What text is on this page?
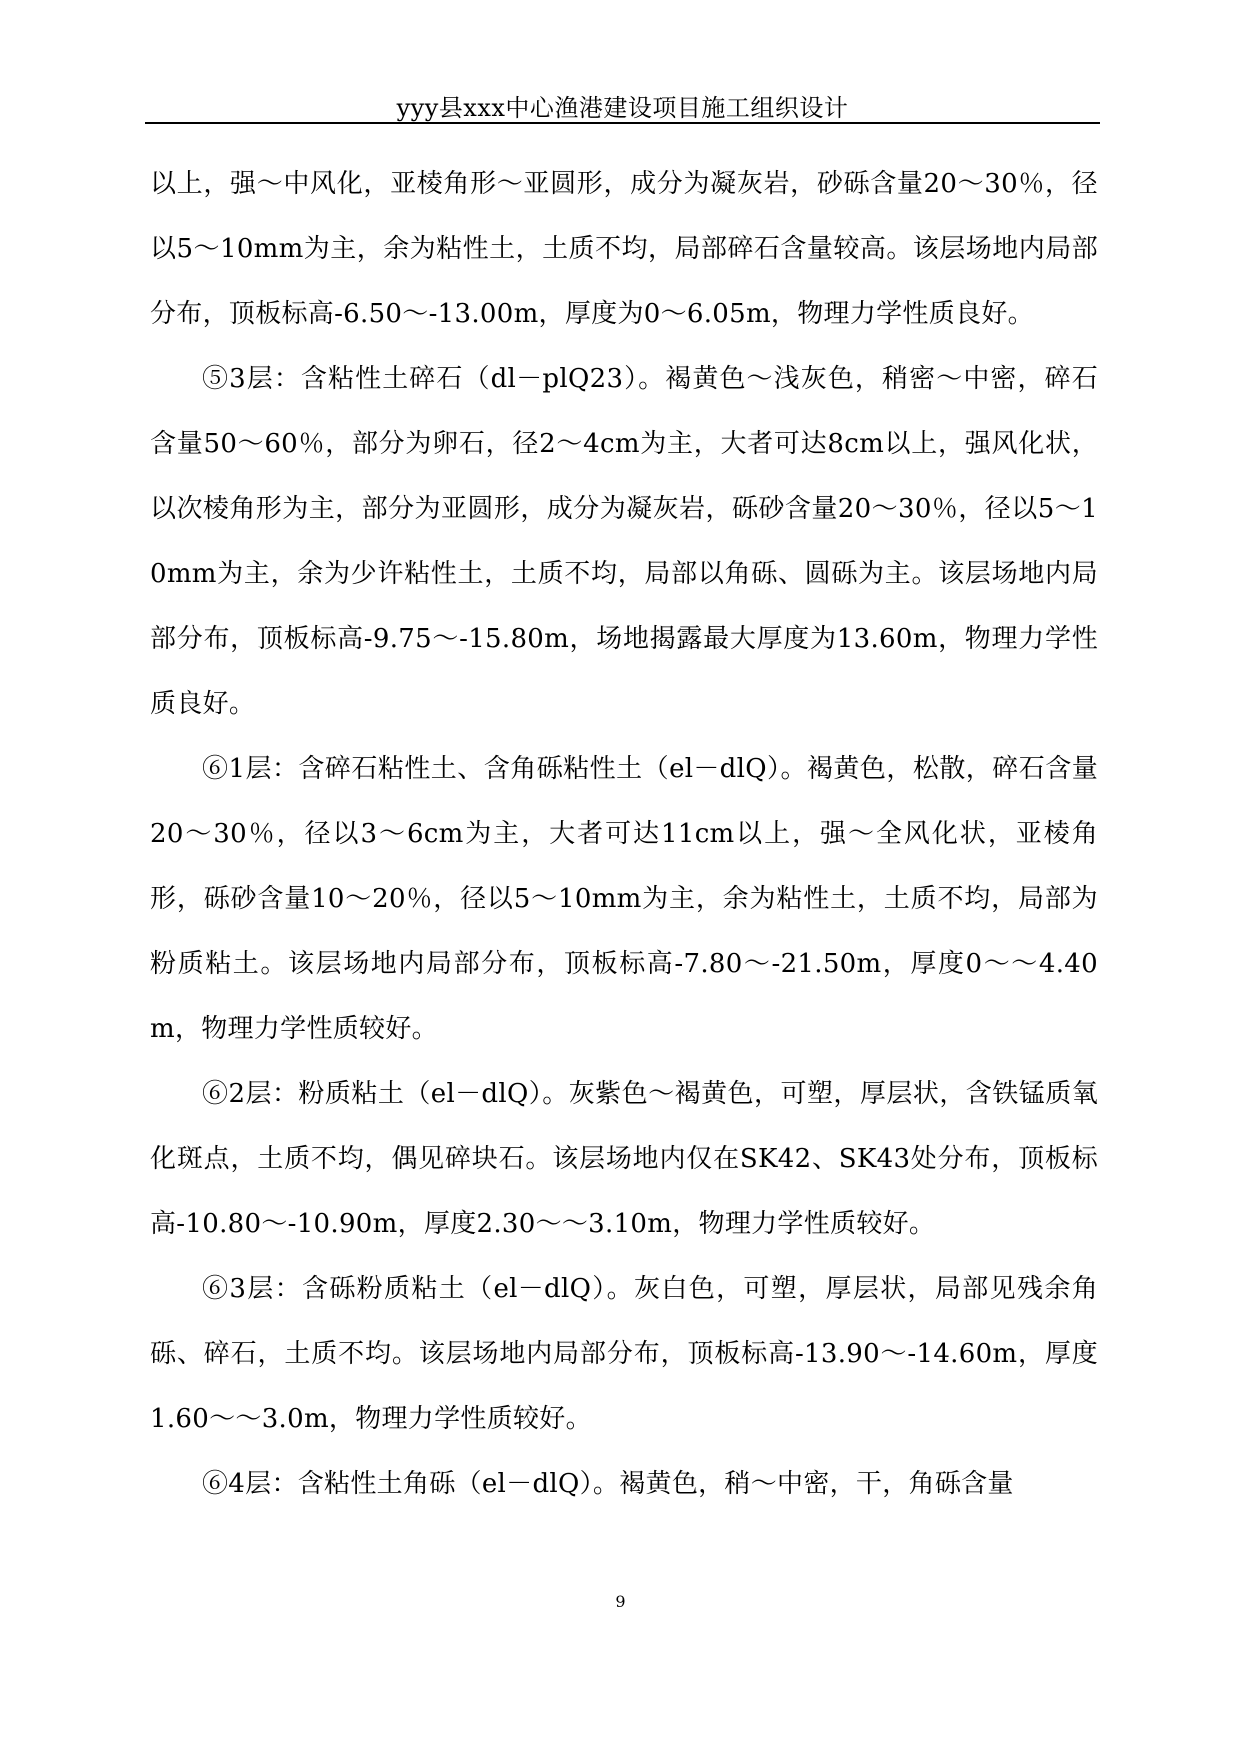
yyy县xxx中心渔港建设项目施工组织设计

以上，强～中风化，亚棱角形～亚圆形，成分为凝灰岩，砂砾含量20～30％，径以5～10mm为主，余为粘性土，土质不均，局部碎石含量较高。该层场地内局部分布，顶板标高-6.50～-13.00m，厚度为0～6.05m，物理力学性质良好。

⑤3层：含粘性土碎石（dl－plQ23）。褐黄色～浅灰色，稍密～中密，碎石含量50～60％，部分为卵石，径2～4cm为主，大者可达8cm以上，强风化状，以次棱角形为主，部分为亚圆形，成分为凝灰岩，砾砂含量20～30％，径以5～10mm为主，余为少许粘性土，土质不均，局部以角砾、圆砾为主。该层场地内局部分布，顶板标高-9.75～-15.80m，场地揭露最大厚度为13.60m，物理力学性质良好。

⑥1层：含碎石粘性土、含角砾粘性土（el－dlQ）。褐黄色，松散，碎石含量20～30％，径以3～6cm为主，大者可达11cm以上，强～全风化状，亚棱角形，砾砂含量10～20％，径以5～10mm为主，余为粘性土，土质不均，局部为粉质粘土。该层场地内局部分布，顶板标高-7.80～-21.50m，厚度0～～4.40m，物理力学性质较好。

⑥2层：粉质粘土（el－dlQ）。灰紫色～褐黄色，可塑，厚层状，含铁锰质氧化斑点，土质不均，偶见碎块石。该层场地内仅在SK42、SK43处分布，顶板标高-10.80～-10.90m，厚度2.30～～3.10m，物理力学性质较好。

⑥3层：含砾粉质粘土（el－dlQ）。灰白色，可塑，厚层状，局部见残余角砾、碎石，土质不均。该层场地内局部分布，顶板标高-13.90～-14.60m，厚度1.60～～3.0m，物理力学性质较好。

⑥4层：含粘性土角砾（el－dlQ）。褐黄色，稍～中密，干，角砾含量

9
